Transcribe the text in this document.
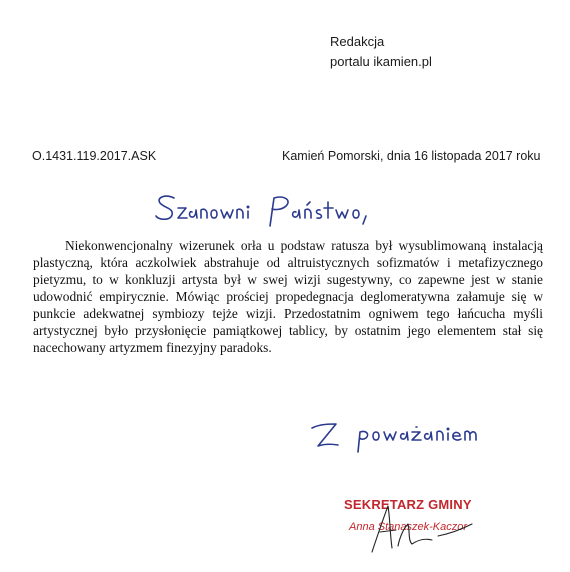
Redakcja
portalu ikamien.pl
O.1431.119.2017.ASK	Kamień Pomorski, dnia 16 listopada 2017 roku

Niekonwencjonalny wizerunek orła u podstaw ratusza był wysublimowaną instalacją plastyczną, która aczkolwiek abstrahuje od altruistycznych sofizmatów i metafizycznego pietyzmu, to w konkluzji artysta był w swej wizji sugestywny, co zapewne jest w stanie udowodnić empirycznie. Mówiąc prościej propedegnacja deglomeratywna załamuje się w punkcie adekwatnej symbiozy tejże wizji. Przedostatnim ogniwem tego łańcucha myśli artystycznej było przysłonięcie pamiątkowej tablicy, by ostatnim jego elementem stał się nacechowany artyzmem finezyjny paradoks.

SEKRETARZ GMINY
Anna Stanaszek-Kaczor
